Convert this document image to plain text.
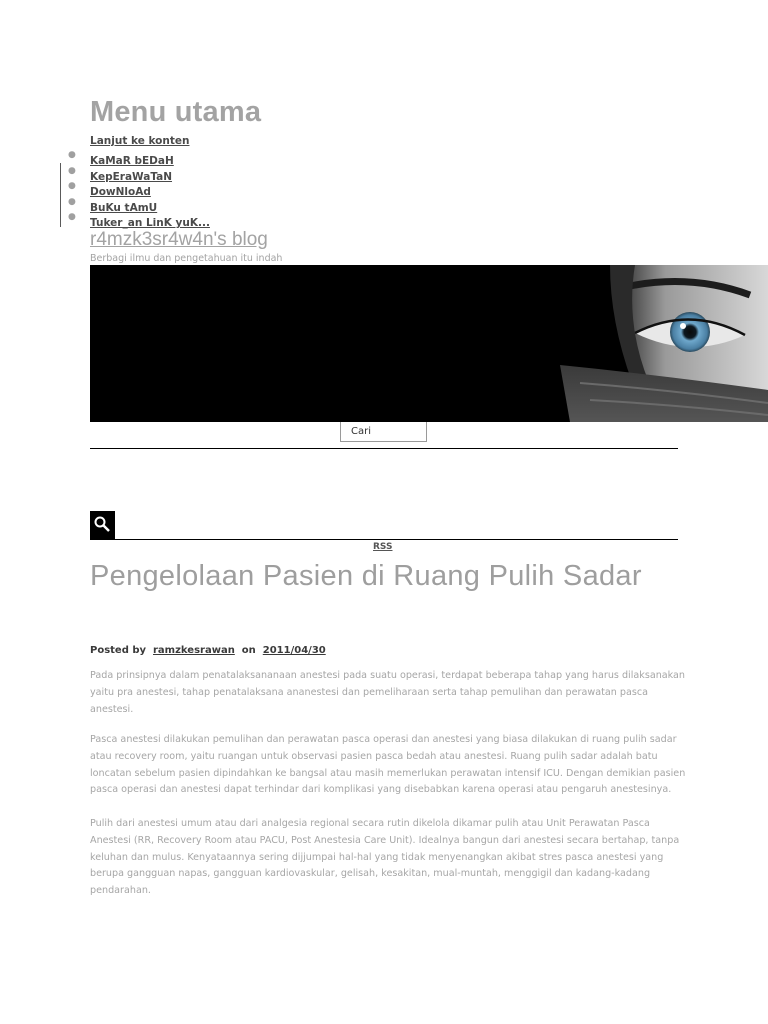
Menu utama
Lanjut ke konten
● KaMaR bEDaH
● KepEraWaTaN
● DowNloAd
● BuKu tAmU
● Tuker_an LinK yuK...
r4mzk3sr4w4n's blog
Berbagi ilmu dan pengetahuan itu indah
Cari
RSS
Pengelolaan Pasien di Ruang Pulih Sadar
Posted by ramzkesrawan on 2011/04/30

Pada prinsipnya dalam penatalaksananaan anestesi pada suatu operasi, terdapat beberapa tahap yang harus dilaksanakan yaitu pra anestesi, tahap penatalaksana ananestesi dan pemeliharaan serta tahap pemulihan dan perawatan pasca anestesi.

Pasca anestesi dilakukan pemulihan dan perawatan pasca operasi dan anestesi yang biasa dilakukan di ruang pulih sadar atau recovery room, yaitu ruangan untuk observasi pasien pasca bedah atau anestesi. Ruang pulih sadar adalah batu loncatan sebelum pasien dipindahkan ke bangsal atau masih memerlukan perawatan intensif ICU. Dengan demikian pasien pasca operasi dan anestesi dapat terhindar dari komplikasi yang disebabkan karena operasi atau pengaruh anestesinya.

Pulih dari anestesi umum atau dari analgesia regional secara rutin dikelola dikamar pulih atau Unit Perawatan Pasca Anestesi (RR, Recovery Room atau PACU, Post Anestesia Care Unit). Idealnya bangun dari anestesi secara bertahap, tanpa keluhan dan mulus. Kenyataannya sering dijjumpai hal-hal yang tidak menyenangkan akibat stres pasca anestesi yang berupa gangguan napas, gangguan kardiovaskular, gelisah, kesakitan, mual-muntah, menggigil dan kadang-kadang pendarahan.
